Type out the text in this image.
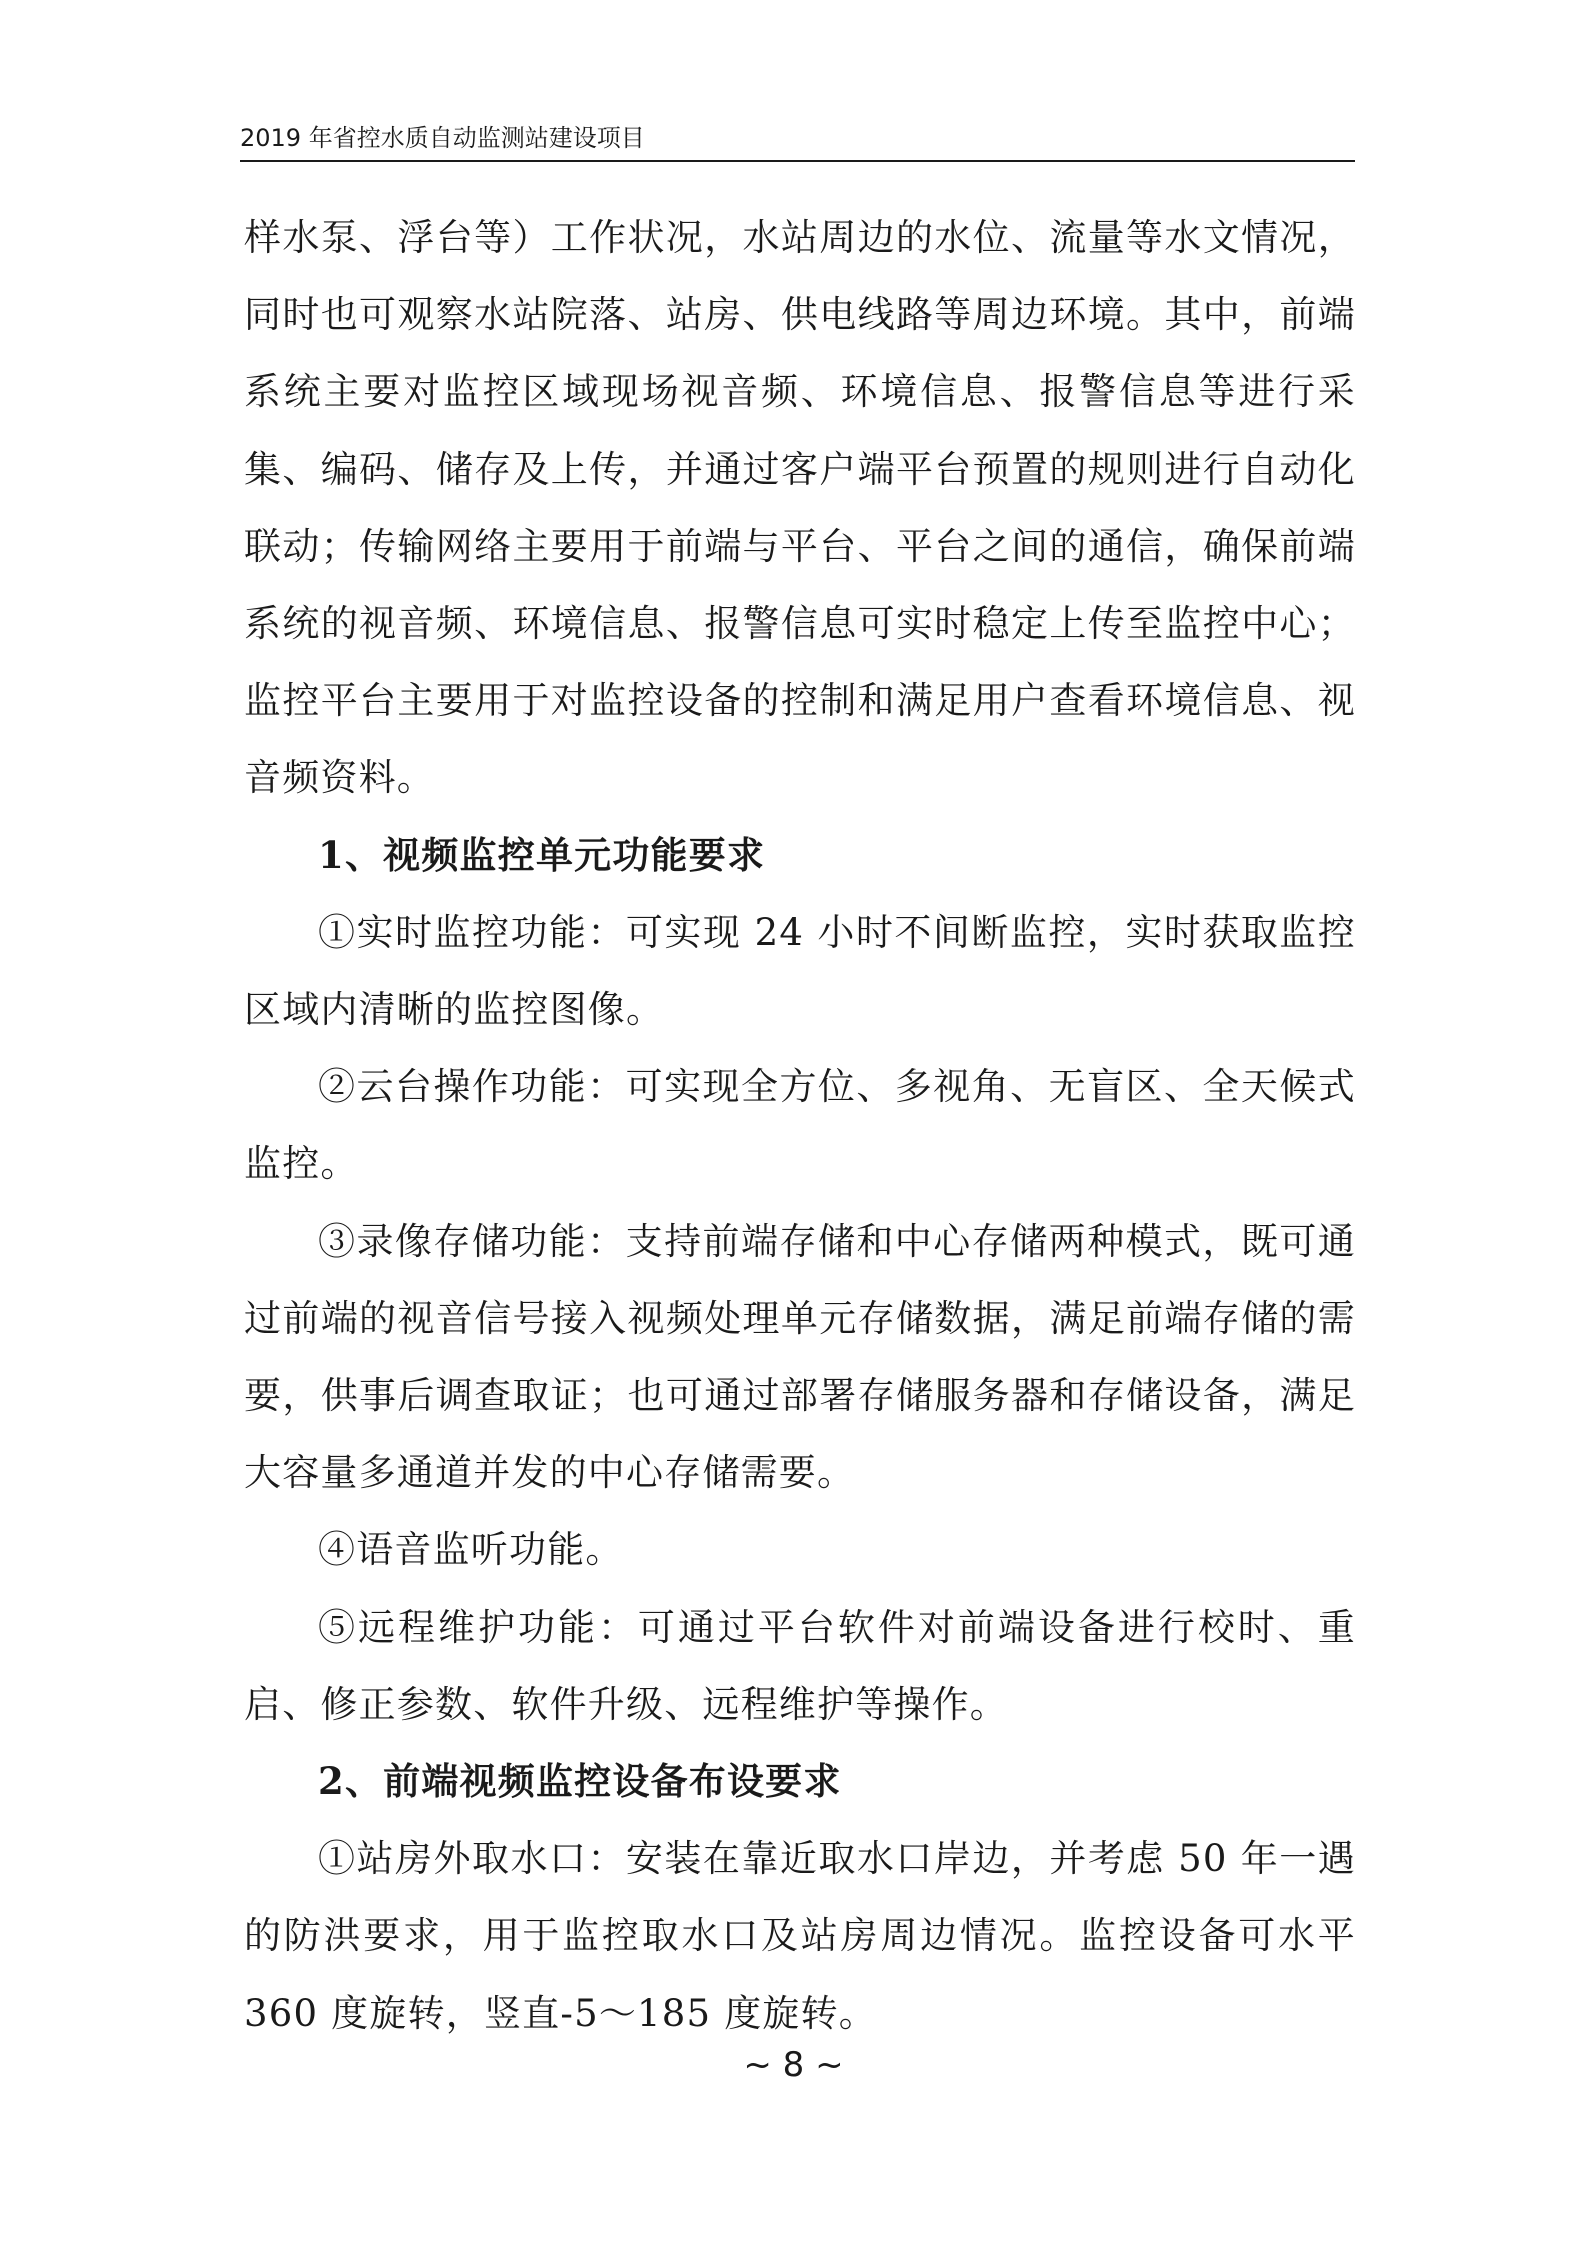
2019 年省控水质自动监测站建设项目

样水泵、浮台等）工作状况，水站周边的水位、流量等水文情况，同时也可观察水站院落、站房、供电线路等周边环境。其中，前端系统主要对监控区域现场视音频、环境信息、报警信息等进行采集、编码、储存及上传，并通过客户端平台预置的规则进行自动化联动；传输网络主要用于前端与平台、平台之间的通信，确保前端系统的视音频、环境信息、报警信息可实时稳定上传至监控中心；监控平台主要用于对监控设备的控制和满足用户查看环境信息、视音频资料。

1、视频监控单元功能要求

①实时监控功能：可实现 24 小时不间断监控，实时获取监控区域内清晰的监控图像。

②云台操作功能：可实现全方位、多视角、无盲区、全天候式监控。

③录像存储功能：支持前端存储和中心存储两种模式，既可通过前端的视音信号接入视频处理单元存储数据，满足前端存储的需要，供事后调查取证；也可通过部署存储服务器和存储设备，满足大容量多通道并发的中心存储需要。

④语音监听功能。

⑤远程维护功能：可通过平台软件对前端设备进行校时、重启、修正参数、软件升级、远程维护等操作。

2、前端视频监控设备布设要求

①站房外取水口：安装在靠近取水口岸边，并考虑 50 年一遇的防洪要求，用于监控取水口及站房周边情况。监控设备可水平 360 度旋转，竖直-5～185 度旋转。

~ 8 ~
